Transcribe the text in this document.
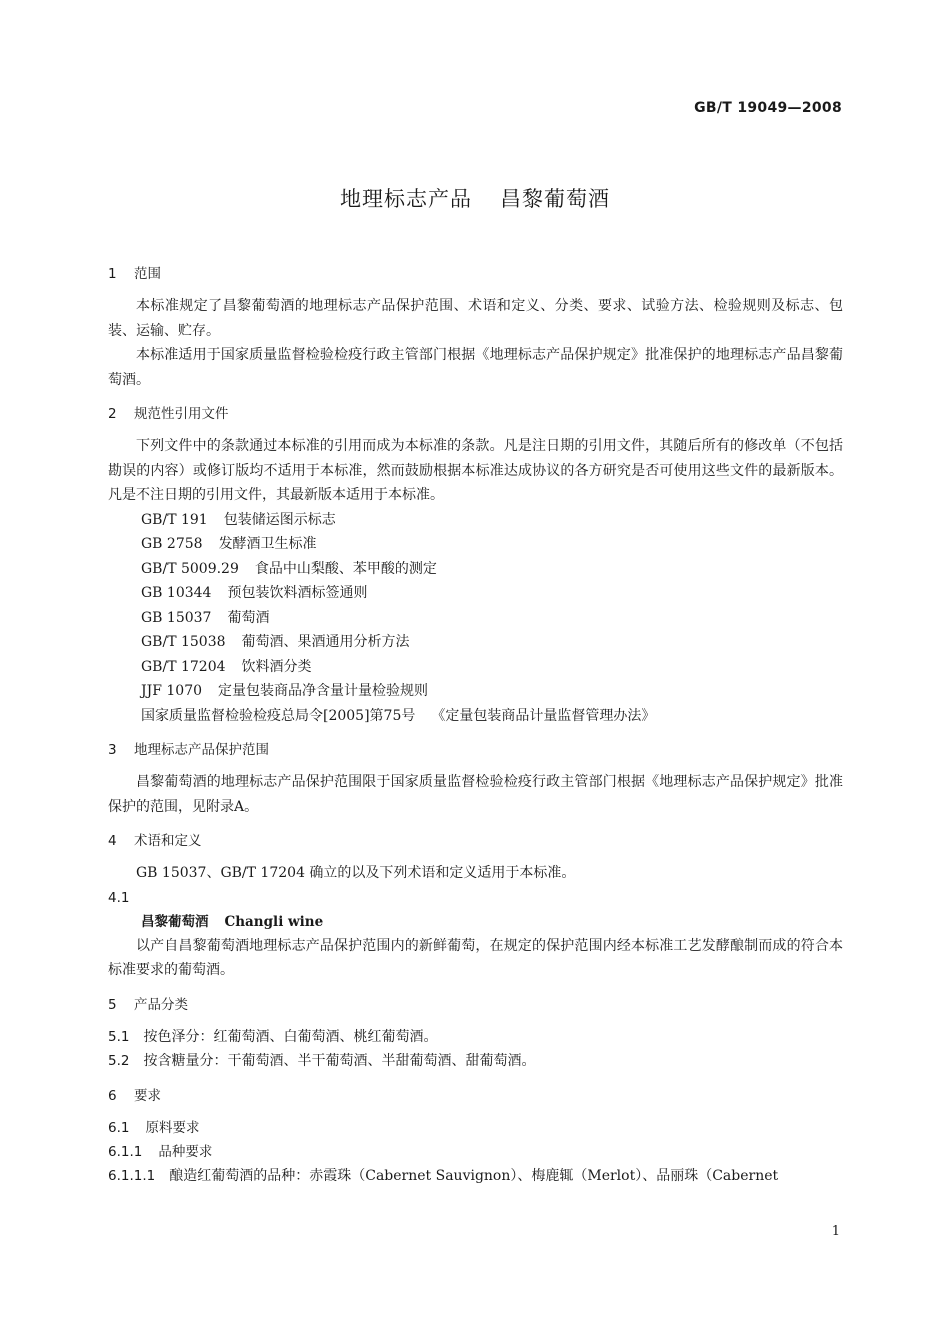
GB/T 19049—2008
地理标志产品 昌黎葡萄酒
1 范围

本标准规定了昌黎葡萄酒的地理标志产品保护范围、术语和定义、分类、要求、试验方法、检验规则及标志、包装、运输、贮存。

本标准适用于国家质量监督检验检疫行政主管部门根据《地理标志产品保护规定》批准保护的地理标志产品昌黎葡萄酒。

2 规范性引用文件

下列文件中的条款通过本标准的引用而成为本标准的条款。凡是注日期的引用文件，其随后所有的修改单（不包括勘误的内容）或修订版均不适用于本标准，然而鼓励根据本标准达成协议的各方研究是否可使用这些文件的最新版本。凡是不注日期的引用文件，其最新版本适用于本标准。

GB/T 191 包装储运图示标志
GB 2758 发酵酒卫生标准
GB/T 5009.29 食品中山梨酸、苯甲酸的测定
GB 10344 预包装饮料酒标签通则
GB 15037 葡萄酒
GB/T 15038 葡萄酒、果酒通用分析方法
GB/T 17204 饮料酒分类
JJF 1070 定量包装商品净含量计量检验规则
国家质量监督检验检疫总局令[2005]第75号 《定量包装商品计量监督管理办法》
3 地理标志产品保护范围

昌黎葡萄酒的地理标志产品保护范围限于国家质量监督检验检疫行政主管部门根据《地理标志产品保护规定》批准保护的范围，见附录A。

4 术语和定义

GB 15037、GB/T 17204 确立的以及下列术语和定义适用于本标准。

4.1
昌黎葡萄酒 Changli wine

以产自昌黎葡萄酒地理标志产品保护范围内的新鲜葡萄，在规定的保护范围内经本标准工艺发酵酿制而成的符合本标准要求的葡萄酒。

5 产品分类
5.1 按色泽分：红葡萄酒、白葡萄酒、桃红葡萄酒。
5.2 按含糖量分：干葡萄酒、半干葡萄酒、半甜葡萄酒、甜葡萄酒。
6 要求
6.1 原料要求
6.1.1 品种要求
6.1.1.1 酿造红葡萄酒的品种：赤霞珠（Cabernet Sauvignon）、梅鹿辄（Merlot）、品丽珠（Cabernet
1
